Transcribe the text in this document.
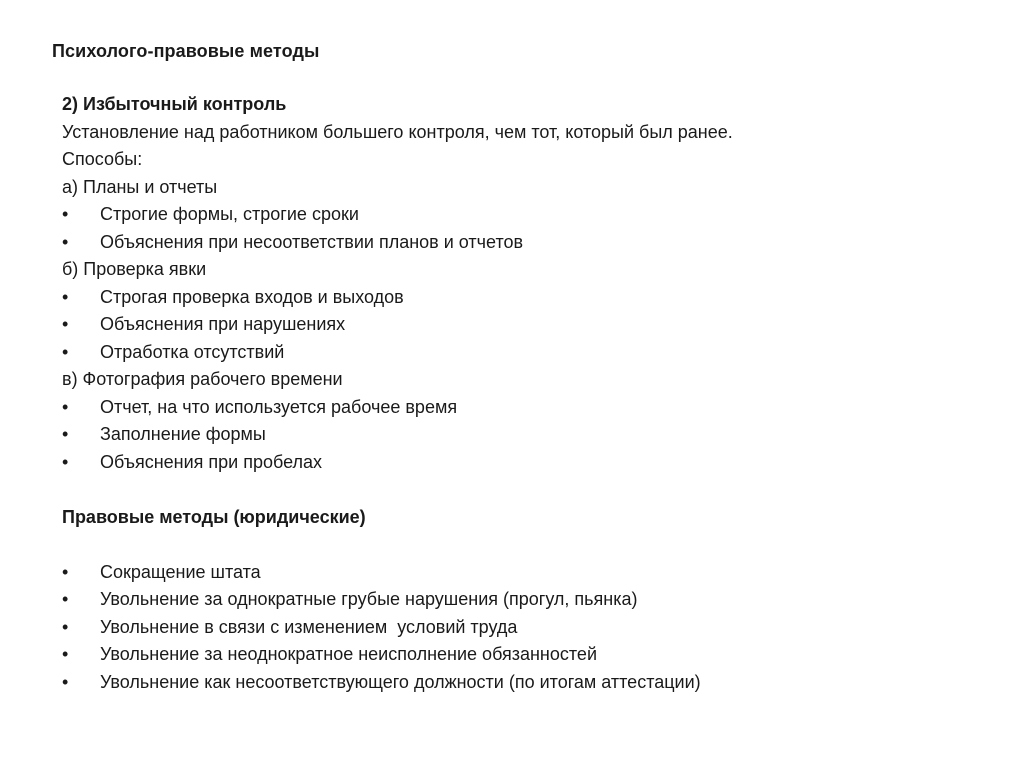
Психолого-правовые методы
2) Избыточный контроль
Установление над работником большего контроля, чем тот, который был ранее.
Способы:
а) Планы и отчеты
• Строгие формы, строгие сроки
• Объяснения при несоответствии планов и отчетов
б) Проверка явки
• Строгая проверка входов и выходов
• Объяснения при нарушениях
• Отработка отсутствий
в) Фотография рабочего времени
• Отчет, на что используется рабочее время
• Заполнение формы
• Объяснения при пробелах
Правовые методы (юридические)
• Сокращение штата
• Увольнение за однократные грубые нарушения (прогул, пьянка)
• Увольнение в связи с изменением  условий труда
• Увольнение за неоднократное неисполнение обязанностей
• Увольнение как несоответствующего должности (по итогам аттестации)
